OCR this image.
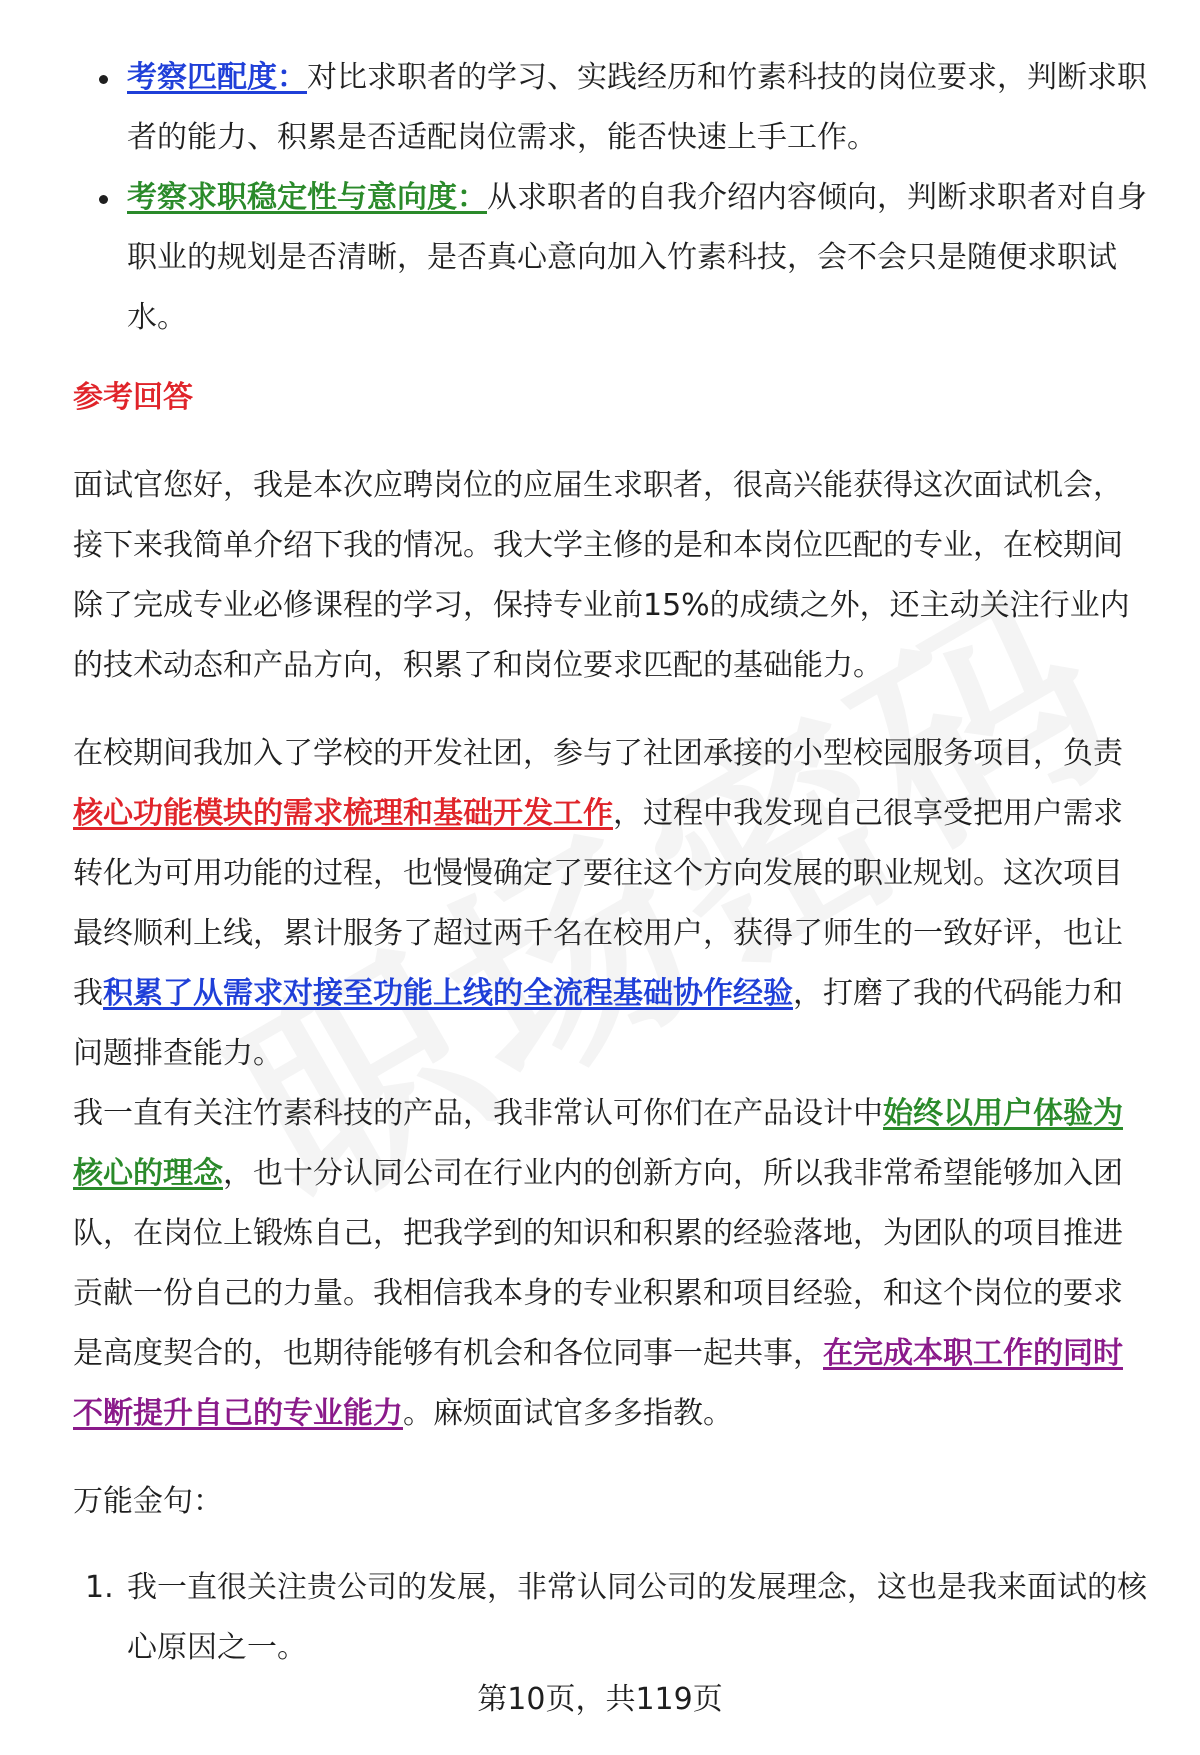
考察匹配度：对比求职者的学习、实践经历和竹素科技的岗位要求，判断求职者的能力、积累是否适配岗位需求，能否快速上手工作。
考察求职稳定性与意向度：从求职者的自我介绍内容倾向，判断求职者对自身职业的规划是否清晰，是否真心意向加入竹素科技，会不会只是随便求职试水。
参考回答

面试官您好，我是本次应聘岗位的应届生求职者，很高兴能获得这次面试机会，接下来我简单介绍下我的情况。我大学主修的是和本岗位匹配的专业，在校期间除了完成专业必修课程的学习，保持专业前15%的成绩之外，还主动关注行业内的技术动态和产品方向，积累了和岗位要求匹配的基础能力。

在校期间我加入了学校的开发社团，参与了社团承接的小型校园服务项目，负责核心功能模块的需求梳理和基础开发工作，过程中我发现自己很享受把用户需求转化为可用功能的过程，也慢慢确定了要往这个方向发展的职业规划。这次项目最终顺利上线，累计服务了超过两千名在校用户，获得了师生的一致好评，也让我积累了从需求对接至功能上线的全流程基础协作经验，打磨了我的代码能力和问题排查能力。

我一直有关注竹素科技的产品，我非常认可你们在产品设计中始终以用户体验为核心的理念，也十分认同公司在行业内的创新方向，所以我非常希望能够加入团队，在岗位上锻炼自己，把我学到的知识和积累的经验落地，为团队的项目推进贡献一份自己的力量。我相信我本身的专业积累和项目经验，和这个岗位的要求是高度契合的，也期待能够有机会和各位同事一起共事，在完成本职工作的同时不断提升自己的专业能力。麻烦面试官多多指教。

万能金句：

1. 我一直很关注贵公司的发展，非常认同公司的发展理念，这也是我来面试的核心原因之一。
第10页，共119页
